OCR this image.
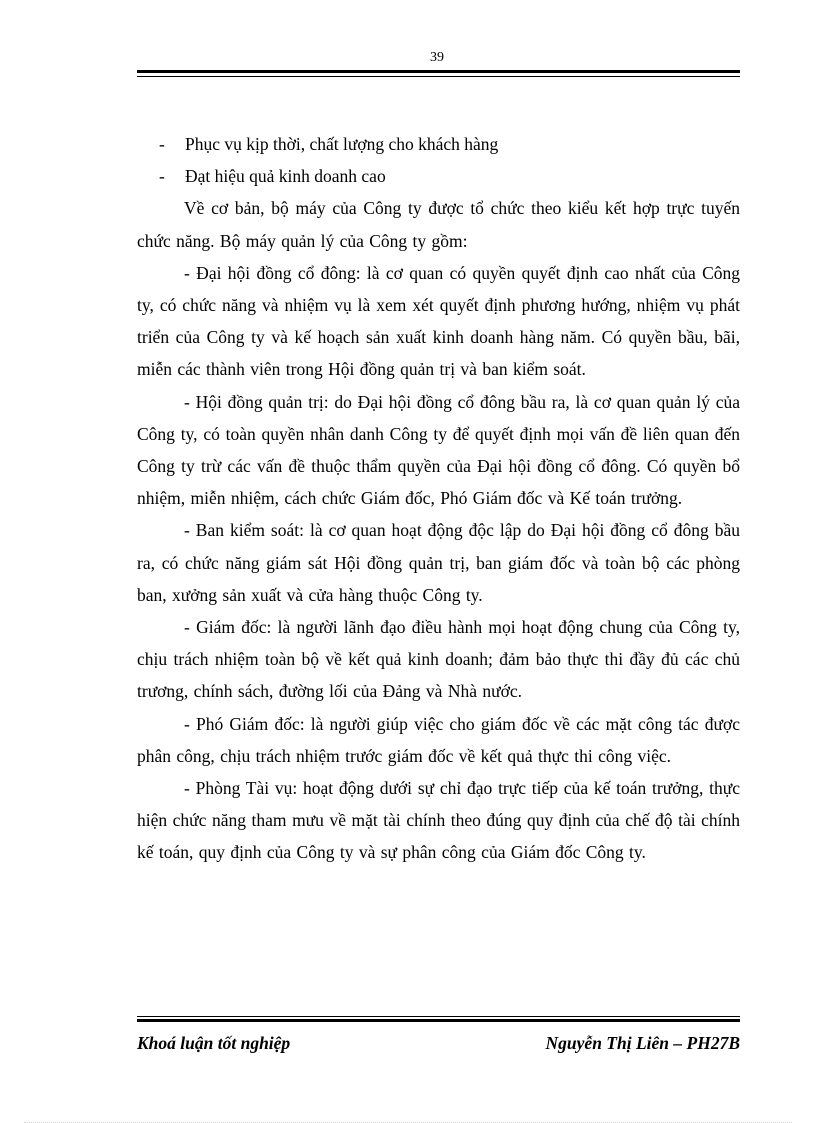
39
-	Phục vụ kịp thời, chất lượng cho khách hàng
-	Đạt hiệu quả kinh doanh cao

Về cơ bản, bộ máy của Công ty được tổ chức theo kiểu kết hợp trực tuyến chức năng. Bộ máy quản lý của Công ty gồm:

- Đại hội đồng cổ đông: là cơ quan có quyền quyết định cao nhất của Công ty, có chức năng và nhiệm vụ là xem xét quyết định phương hướng, nhiệm vụ phát triển của Công ty và kế hoạch sản xuất kinh doanh hàng năm. Có quyền bầu, bãi, miễn các thành viên trong Hội đồng quản trị và ban kiểm soát.

- Hội đồng quản trị: do Đại hội đồng cổ đông bầu ra, là cơ quan quản lý của Công ty, có toàn quyền nhân danh Công ty để quyết định mọi vấn đề liên quan đến Công ty trừ các vấn đề thuộc thẩm quyền của Đại hội đồng cổ đông. Có quyền bổ nhiệm, miễn nhiệm, cách chức Giám đốc, Phó Giám đốc và Kế toán trưởng.

- Ban kiểm soát: là cơ quan hoạt động độc lập do Đại hội đồng cổ đông bầu ra, có chức năng giám sát Hội đồng quản trị, ban giám đốc và toàn bộ các phòng ban, xưởng sản xuất và cửa hàng thuộc Công ty.

- Giám đốc: là người lãnh đạo điều hành mọi hoạt động chung của Công ty, chịu trách nhiệm toàn bộ về kết quả kinh doanh; đảm bảo thực thi đầy đủ các chủ trương, chính sách, đường lối của Đảng và Nhà nước.

- Phó Giám đốc: là người giúp việc cho giám đốc về các mặt công tác được phân công, chịu trách nhiệm trước giám đốc về kết quả thực thi công việc.

- Phòng Tài vụ: hoạt động dưới sự chỉ đạo trực tiếp của kế toán trưởng, thực hiện chức năng tham mưu về mặt tài chính theo đúng quy định của chế độ tài chính kế toán, quy định của Công ty và sự phân công của Giám đốc Công ty.

Khoá luận tốt nghiệp	Nguyễn Thị Liên – PH27B
